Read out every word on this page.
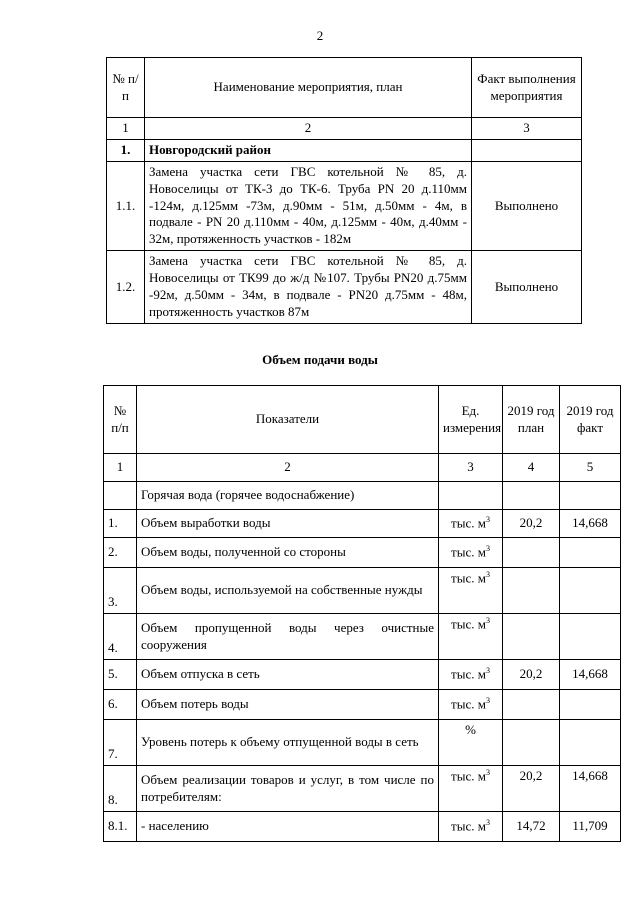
2
№ п/п	Наименование мероприятия, план	Факт выполнения мероприятия
1	2	3
1.	Новгородский район	
1.1.	Замена участка сети ГВС котельной № 85, д. Новоселицы от ТК-3 до ТК-6. Труба PN 20 д.110мм -124м, д.125мм -73м, д.90мм - 51м, д.50мм - 4м, в подвале - PN 20 д.110мм - 40м, д.125мм - 40м, д.40мм - 32м, протяженность участков - 182м	Выполнено
1.2.	Замена участка сети ГВС котельной № 85, д. Новоселицы от ТК99 до ж/д №107. Трубы PN20 д.75мм -92м, д.50мм - 34м, в подвале - PN20 д.75мм - 48м, протяженность участков 87м	Выполнено
Объем подачи воды
№ п/п	Показатели	Ед. измерения	2019 год план	2019 год факт
1	2	3	4	5
	Горячая вода (горячее водоснабжение)			
1.	Объем выработки воды	тыс. $м^3$	20,2	14,668
2.	Объем воды, полученной со стороны	тыс. $м^3$		
3.	Объем воды, используемой на собственные нужды	тыс. $м^3$		
4.	Объем пропущенной воды через очистные сооружения	тыс. $м^3$		
5.	Объем отпуска в сеть	тыс. $м^3$	20,2	14,668
6.	Объем потерь воды	тыс. $м^3$		
7.	Уровень потерь к объему отпущенной воды в сеть	%		
8.	Объем реализации товаров и услуг, в том числе по потребителям:	тыс. $м^3$	20,2	14,668
8.1.	- населению	тыс. $м^3$	14,72	11,709
